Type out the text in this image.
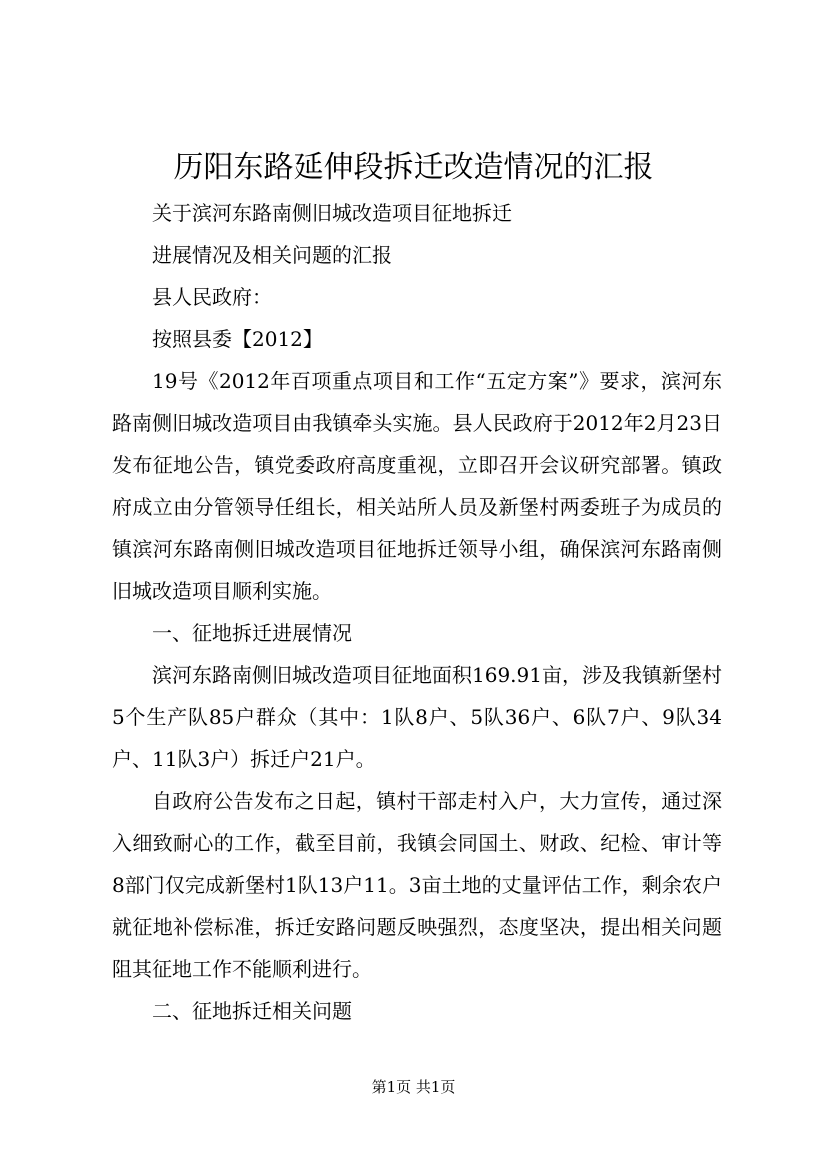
历阳东路延伸段拆迁改造情况的汇报

关于滨河东路南侧旧城改造项目征地拆迁

进展情况及相关问题的汇报

县人民政府：

按照县委【2012】

19号《2012年百项重点项目和工作“五定方案”》要求，滨河东路南侧旧城改造项目由我镇牵头实施。县人民政府于2012年2月23日发布征地公告，镇党委政府高度重视，立即召开会议研究部署。镇政府成立由分管领导任组长，相关站所人员及新堡村两委班子为成员的镇滨河东路南侧旧城改造项目征地拆迁领导小组，确保滨河东路南侧旧城改造项目顺利实施。

一、征地拆迁进展情况

滨河东路南侧旧城改造项目征地面积169.91亩，涉及我镇新堡村5个生产队85户群众（其中：1队8户、5队36户、6队7户、9队34户、11队3户）拆迁户21户。

自政府公告发布之日起，镇村干部走村入户，大力宣传，通过深入细致耐心的工作，截至目前，我镇会同国土、财政、纪检、审计等8部门仅完成新堡村1队13户11。3亩土地的丈量评估工作，剩余农户就征地补偿标准，拆迁安路问题反映强烈，态度坚决，提出相关问题阻其征地工作不能顺利进行。

二、征地拆迁相关问题

第1页 共1页
